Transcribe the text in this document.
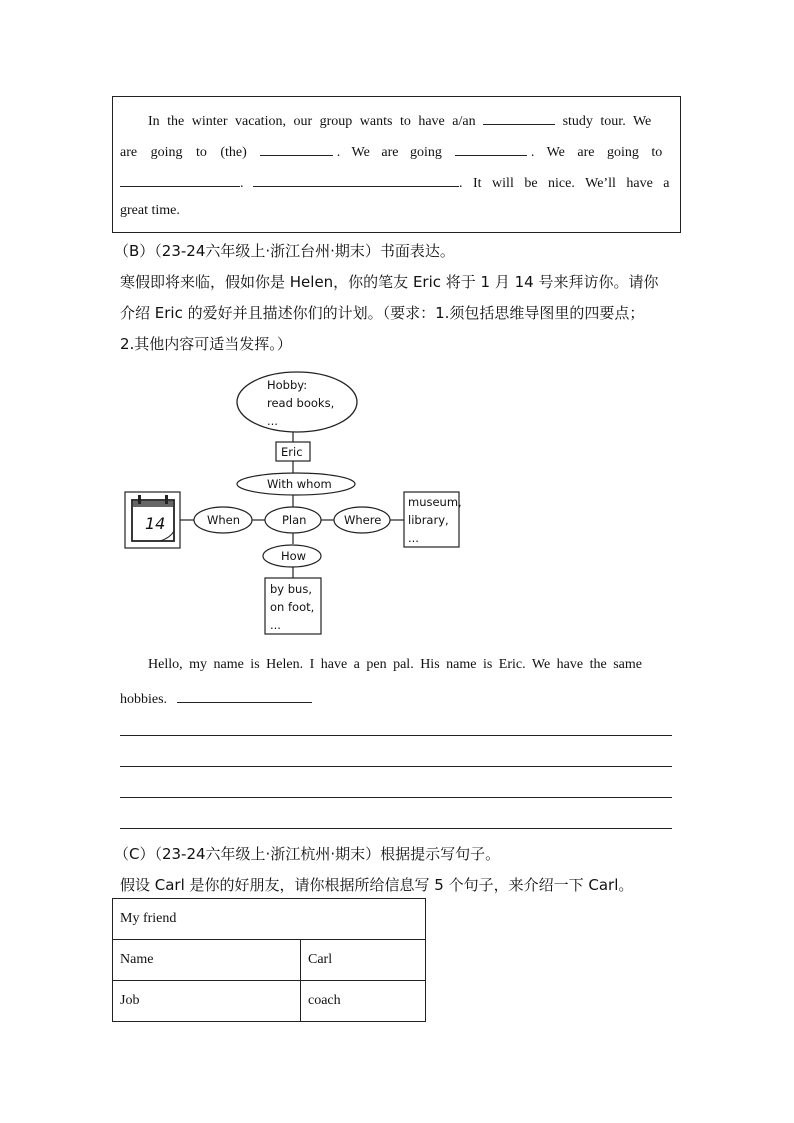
In the winter vacation, our group wants to have a/an	study tour. We
are going to (the)	. We are going	. We are going to
.	. It will be nice. We’ll have a
great time.
（B）（23-24六年级上·浙江台州·期末）书面表达。
寒假即将来临，假如你是 Helen，你的笔友 Eric 将于 1 月 14 号来拜访你。请你
介绍 Eric 的爱好并且描述你们的计划。（要求：1.须包括思维导图里的四要点；
2.其他内容可适当发挥。）
Hobby:
read books,
...
Eric
With whom
Plan
When	Where
How
museum,
library,
...
by bus,
on foot,
...
14
Hello, my name is Helen. I have a pen pal. His name is Eric. We have the same
hobbies.
（C）（23-24六年级上·浙江杭州·期末）根据提示写句子。
假设 Carl 是你的好朋友，请你根据所给信息写 5 个句子，来介绍一下 Carl。
My friend	
Name	Carl
Job	coach
